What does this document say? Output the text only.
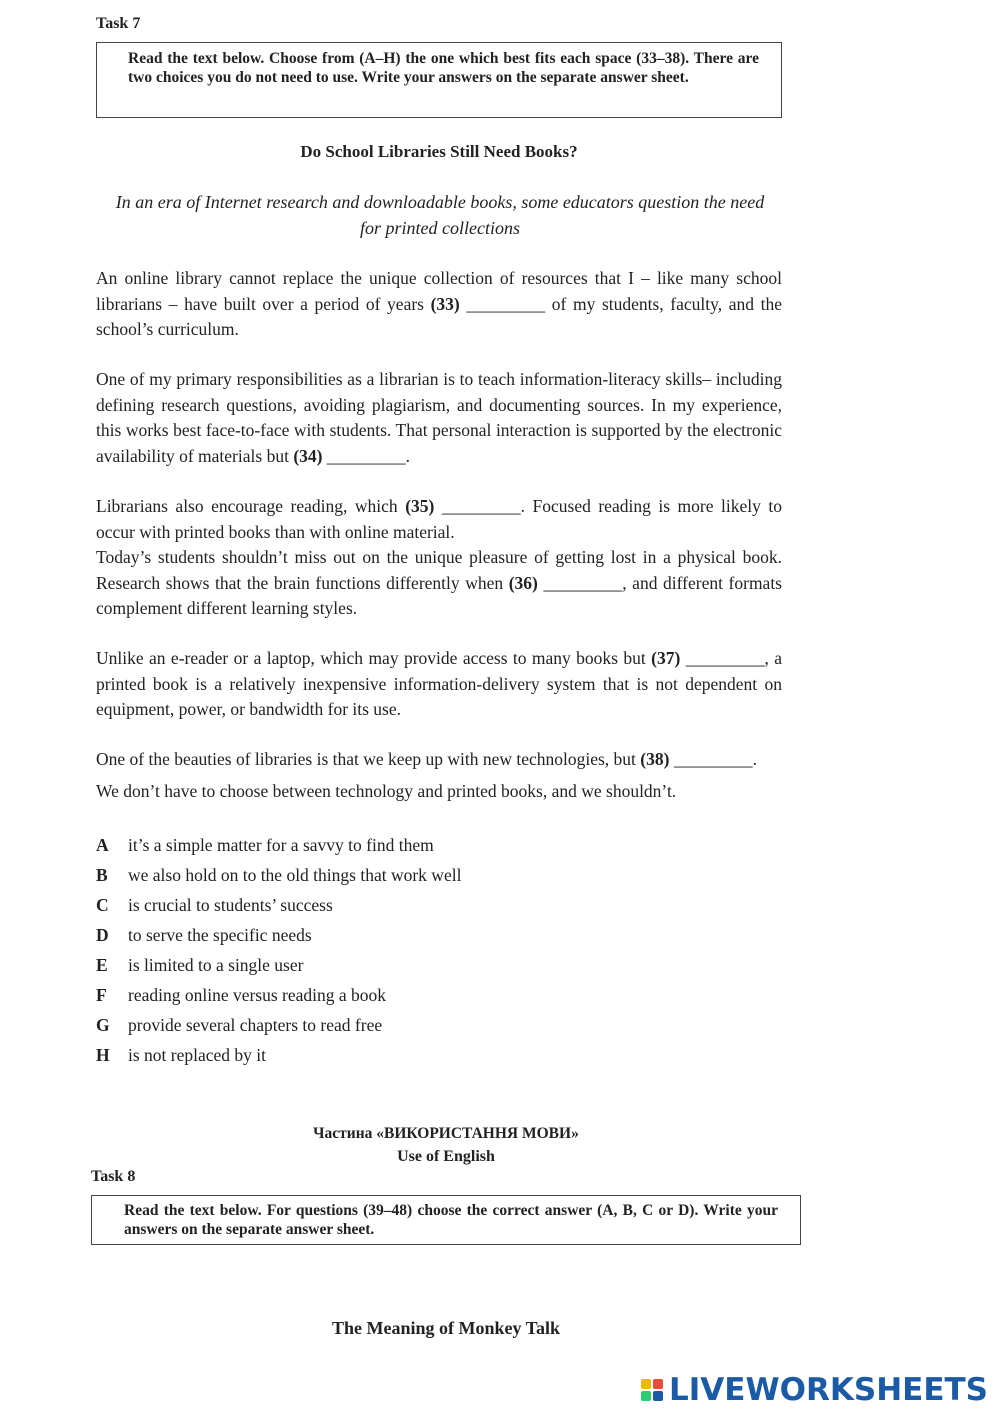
Task 7
Read the text below. Choose from (A–H) the one which best fits each space (33–38). There are two choices you do not need to use. Write your answers on the separate answer sheet.
Do School Libraries Still Need Books?
In an era of Internet research and downloadable books, some educators question the need
for printed collections
An online library cannot replace the unique collection of resources that I – like many school librarians – have built over a period of years (33) _________ of my students, faculty, and the school’s curriculum.
One of my primary responsibilities as a librarian is to teach information-literacy skills– including defining research questions, avoiding plagiarism, and documenting sources. In my experience, this works best face-to-face with students. That personal interaction is supported by the electronic availability of materials but (34) _________.
Librarians also encourage reading, which (35) _________. Focused reading is more likely to occur with printed books than with online material.
Today’s students shouldn’t miss out on the unique pleasure of getting lost in a physical book. Research shows that the brain functions differently when (36) _________, and different formats complement different learning styles.
Unlike an e-reader or a laptop, which may provide access to many books but (37) _________, a printed book is a relatively inexpensive information-delivery system that is not dependent on equipment, power, or bandwidth for its use.
One of the beauties of libraries is that we keep up with new technologies, but (38) _________.
We don’t have to choose between technology and printed books, and we shouldn’t.
A it’s a simple matter for a savvy to find them
B we also hold on to the old things that work well
C is crucial to students’ success
D to serve the specific needs
E is limited to a single user
F reading online versus reading a book
G provide several chapters to read free
H is not replaced by it
Частина «ВИКОРИСТАННЯ МОВИ»
Use of English
Task 8
Read the text below. For questions (39–48) choose the correct answer (A, B, C or D). Write your answers on the separate answer sheet.
The Meaning of Monkey Talk
LIVEWORKSHEETS
